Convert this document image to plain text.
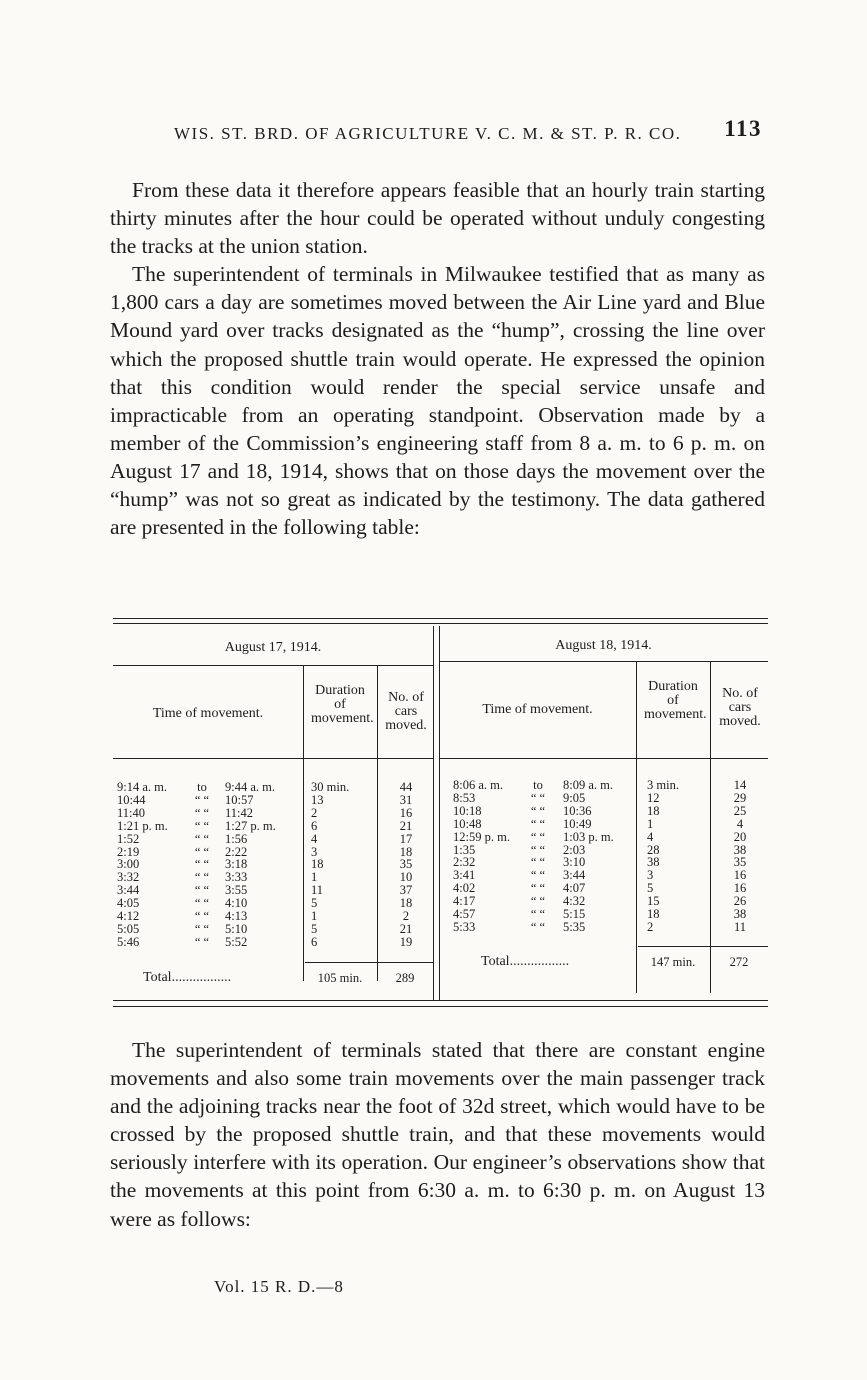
WIS. ST. BRD. OF AGRICULTURE V. C. M. & ST. P. R. CO. 113

From these data it therefore appears feasible that an hourly train starting thirty minutes after the hour could be operated without unduly congesting the tracks at the union station.

The superintendent of terminals in Milwaukee testified that as many as 1,800 cars a day are sometimes moved between the Air Line yard and Blue Mound yard over tracks designated as the “hump”, crossing the line over which the proposed shuttle train would operate. He expressed the opinion that this condition would render the special service unsafe and impracticable from an operating standpoint. Observation made by a member of the Commission’s engineering staff from 8 a. m. to 6 p. m. on August 17 and 18, 1914, shows that on those days the movement over the “hump” was not so great as indicated by the testimony. The data gathered are presented in the following table:

August 17, 1914.
Time of movement.
Duration of movement.
No. of cars moved.
9:14 a. m.	to	9:44 a. m.	30 min.	44
10:44	“ “	10:57	13	31
11:40	“ “	11:42	2	16
1:21 p. m.	“ “	1:27 p. m.	6	21
1:52	“ “	1:56	4	17
2:19	“ “	2:22	3	18
3:00	“ “	3:18	18	35
3:32	“ “	3:33	1	10
3:44	“ “	3:55	11	37
4:05	“ “	4:10	5	18
4:12	“ “	4:13	1	2
5:05	“ “	5:10	5	21
5:46	“ “	5:52	6	19
Total.................	105 min.	289
August 18, 1914.
Time of movement.
Duration of movement.
No. of cars moved.
8:06 a. m.	to	8:09 a. m.	3 min.	14
8:53	“ “	9:05	12	29
10:18	“ “	10:36	18	25
10:48	“ “	10:49	1	4
12:59 p. m.	“ “	1:03 p. m.	4	20
1:35	“ “	2:03	28	38
2:32	“ “	3:10	38	35
3:41	“ “	3:44	3	16
4:02	“ “	4:07	5	16
4:17	“ “	4:32	15	26
4:57	“ “	5:15	18	38
5:33	“ “	5:35	2	11
Total.................	147 min.	272

The superintendent of terminals stated that there are constant engine movements and also some train movements over the main passenger track and the adjoining tracks near the foot of 32d street, which would have to be crossed by the proposed shuttle train, and that these movements would seriously interfere with its operation. Our engineer’s observations show that the movements at this point from 6:30 a. m. to 6:30 p. m. on August 13 were as follows:

Vol. 15 R. D.—8
